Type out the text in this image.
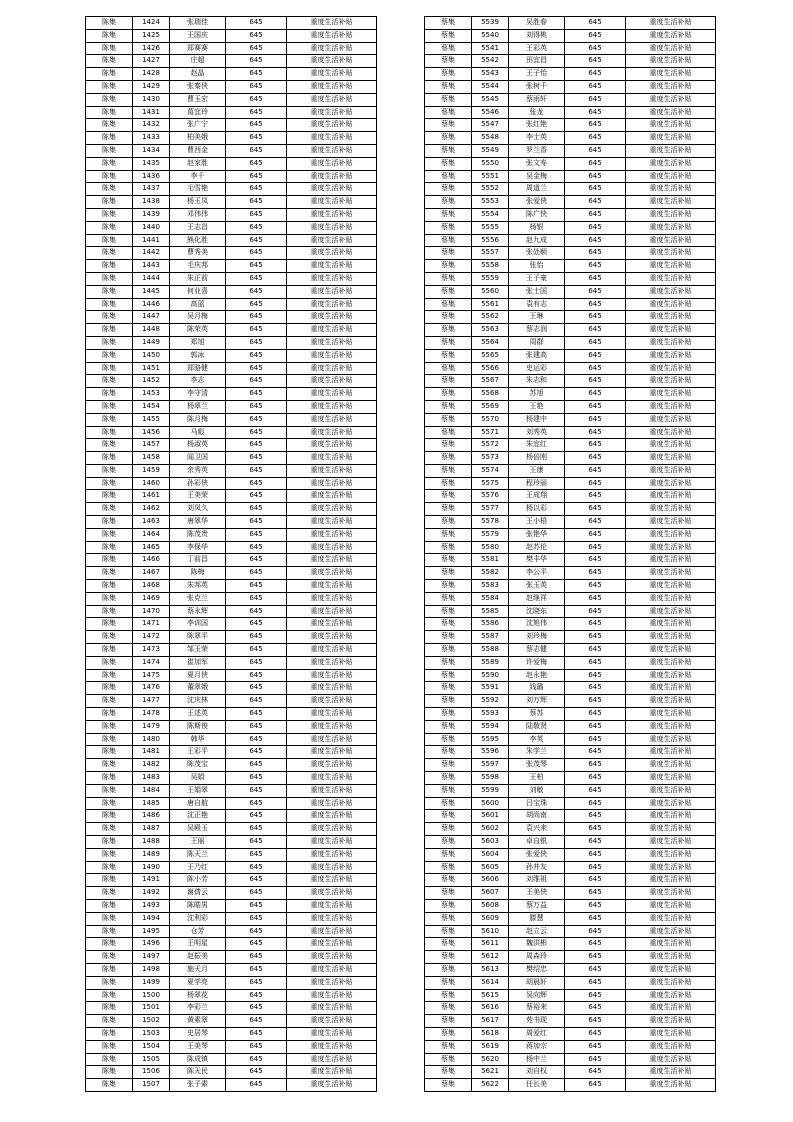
陈集	1424	张瑞佳	645	重度生活补贴
陈集	1425	王国庆	645	重度生活补贴
陈集	1426	郑赛赛	645	重度生活补贴
陈集	1427	庄超	645	重度生活补贴
陈集	1428	赵晶	645	重度生活补贴
陈集	1429	张秦侠	645	重度生活补贴
陈集	1430	曹玉宏	645	重度生活补贴
陈集	1431	葛宜玲	645	重度生活补贴
陈集	1432	张广宁	645	重度生活补贴
陈集	1433	柏美娥	645	重度生活补贴
陈集	1434	曹西金	645	重度生活补贴
陈集	1435	赵家胜	645	重度生活补贴
陈集	1436	李千	645	重度生活补贴
陈集	1437	毛雪艳	645	重度生活补贴
陈集	1438	杨玉凤	645	重度生活补贴
陈集	1439	邓伟伟	645	重度生活补贴
陈集	1440	王志昌	645	重度生活补贴
陈集	1441	熊化胜	645	重度生活补贴
陈集	1442	曹秀美	645	重度生活补贴
陈集	1443	毛庆邦	645	重度生活补贴
陈集	1444	朱正前	645	重度生活补贴
陈集	1445	何业喜	645	重度生活补贴
陈集	1446	高蓝	645	重度生活补贴
陈集	1447	吴月梅	645	重度生活补贴
陈集	1448	陈荣英	645	重度生活补贴
陈集	1449	郑旭	645	重度生活补贴
陈集	1450	郭冰	645	重度生活补贴
陈集	1451	郑骆健	645	重度生活补贴
陈集	1452	李志	645	重度生活补贴
陈集	1453	李守清	645	重度生活补贴
陈集	1454	杨翠兰	645	重度生活补贴
陈集	1455	陈月梅	645	重度生活补贴
陈集	1456	马彪	645	重度生活补贴
陈集	1457	杨淑英	645	重度生活补贴
陈集	1458	闻卫国	645	重度生活补贴
陈集	1459	余秀英	645	重度生活补贴
陈集	1460	孙彩侠	645	重度生活补贴
陈集	1461	王美荣	645	重度生活补贴
陈集	1462	刘凤久	645	重度生活补贴
陈集	1463	唐翠华	645	重度生活补贴
陈集	1464	陈茂贵	645	重度生活补贴
陈集	1465	李保华	645	重度生活补贴
陈集	1466	丁前昌	645	重度生活补贴
陈集	1467	陈梅	645	重度生活补贴
陈集	1468	朱邦英	645	重度生活补贴
陈集	1469	张克兰	645	重度生活补贴
陈集	1470	蔡永辉	645	重度生活补贴
陈集	1471	李训国	645	重度生活补贴
陈集	1472	陈翠平	645	重度生活补贴
陈集	1473	邹玉荣	645	重度生活补贴
陈集	1474	崔加军	645	重度生活补贴
陈集	1475	夏月侠	645	重度生活补贴
陈集	1476	董翠娥	645	重度生活补贴
陈集	1477	沈庆林	645	重度生活补贴
陈集	1478	王述英	645	重度生活补贴
陈集	1479	陈斯俊	645	重度生活补贴
陈集	1480	韩华	645	重度生活补贴
陈集	1481	王彩平	645	重度生活补贴
陈集	1482	陈茂宝	645	重度生活补贴
陈集	1483	吴娟	645	重度生活补贴
陈集	1484	王娟翠	645	重度生活补贴
陈集	1485	唐自航	645	重度生活补贴
陈集	1486	沈正艳	645	重度生活补贴
陈集	1487	吴殿玉	645	重度生活补贴
陈集	1488	王丽	645	重度生活补贴
陈集	1489	陈天兰	645	重度生活补贴
陈集	1490	王乃红	645	重度生活补贴
陈集	1491	陈小芳	645	重度生活补贴
陈集	1492	谢倩云	645	重度生活补贴
陈集	1493	陈皓男	645	重度生活补贴
陈集	1494	沈利彩	645	重度生活补贴
陈集	1495	仓芳	645	重度生活补贴
陈集	1496	王明星	645	重度生活补贴
陈集	1497	赵振美	645	重度生活补贴
陈集	1498	施天月	645	重度生活补贴
陈集	1499	夏学亮	645	重度生活补贴
陈集	1500	杨翠花	645	重度生活补贴
陈集	1501	李彩兰	645	重度生活补贴
陈集	1502	黄素翠	645	重度生活补贴
陈集	1503	史居琴	645	重度生活补贴
陈集	1504	王美琴	645	重度生活补贴
陈集	1505	陈成镇	645	重度生活补贴
陈集	1506	陈天民	645	重度生活补贴
陈集	1507	张子素	645	重度生活补贴
蔡集	5539	吴胜春	645	重度生活补贴
蔡集	5540	刘得桃	645	重度生活补贴
蔡集	5541	王彩英	645	重度生活补贴
蔡集	5542	田宜昌	645	重度生活补贴
蔡集	5543	王子怡	645	重度生活补贴
蔡集	5544	张树千	645	重度生活补贴
蔡集	5545	蔡雨轩	645	重度生活补贴
蔡集	5546	张龙	645	重度生活补贴
蔡集	5547	张红艳	645	重度生活补贴
蔡集	5548	李士英	645	重度生活补贴
蔡集	5549	罗兰香	645	重度生活补贴
蔡集	5550	张文寿	645	重度生活补贴
蔡集	5551	吴金梅	645	重度生活补贴
蔡集	5552	周道兰	645	重度生活补贴
蔡集	5553	张爱侠	645	重度生活补贴
蔡集	5554	陈广侠	645	重度生活补贴
蔡集	5555	杨银	645	重度生活补贴
蔡集	5556	赵九成	645	重度生活补贴
蔡集	5557	张处顺	645	重度生活补贴
蔡集	5558	张怡	645	重度生活补贴
蔡集	5559	王子豪	645	重度生活补贴
蔡集	5560	张士国	645	重度生活补贴
蔡集	5561	袁有志	645	重度生活补贴
蔡集	5562	王琳	645	重度生活补贴
蔡集	5563	蔡志润	645	重度生活补贴
蔡集	5564	周群	645	重度生活补贴
蔡集	5565	张建高	645	重度生活补贴
蔡集	5566	史运彩	645	重度生活补贴
蔡集	5567	朱志和	645	重度生活补贴
蔡集	5568	苏旭	645	重度生活补贴
蔡集	5569	王艳	645	重度生活补贴
蔡集	5570	杨建中	645	重度生活补贴
蔡集	5571	刘秀英	645	重度生活补贴
蔡集	5572	朱宜红	645	重度生活补贴
蔡集	5573	杨倍刚	645	重度生活补贴
蔡集	5574	王康	645	重度生活补贴
蔡集	5575	程玲丽	645	重度生活补贴
蔡集	5576	王成翔	645	重度生活补贴
蔡集	5577	杨以彩	645	重度生活补贴
蔡集	5578	王小梧	645	重度生活补贴
蔡集	5579	张艳华	645	重度生活补贴
蔡集	5580	赵苏伦	645	重度生活补贴
蔡集	5581	樊丰华	645	重度生活补贴
蔡集	5582	李公平	645	重度生活补贴
蔡集	5583	张玉英	645	重度生活补贴
蔡集	5584	赵继祥	645	重度生活补贴
蔡集	5585	沈晓东	645	重度生活补贴
蔡集	5586	沈旭伟	645	重度生活补贴
蔡集	5587	刘玲梅	645	重度生活补贴
蔡集	5588	蔡志健	645	重度生活补贴
蔡集	5589	许爱梅	645	重度生活补贴
蔡集	5590	赵永艳	645	重度生活补贴
蔡集	5591	钱璐	645	重度生活补贴
蔡集	5592	刘万辉	645	重度生活补贴
蔡集	5593	蔡苏	645	重度生活补贴
蔡集	5594	陆敬贤	645	重度生活补贴
蔡集	5595	李英	645	重度生活补贴
蔡集	5596	朱学兰	645	重度生活补贴
蔡集	5597	张茂琴	645	重度生活补贴
蔡集	5598	王柏	645	重度生活补贴
蔡集	5599	刘敏	645	重度生活补贴
蔡集	5600	吕宝珠	645	重度生活补贴
蔡集	5601	胡尚南	645	重度生活补贴
蔡集	5602	袁兴来	645	重度生活补贴
蔡集	5603	卓自银	645	重度生活补贴
蔡集	5604	张爱侠	645	重度生活补贴
蔡集	5605	孙井友	645	重度生活补贴
蔡集	5606	刘维祖	645	重度生活补贴
蔡集	5607	王美侠	645	重度生活补贴
蔡集	5608	蔡万益	645	重度生活补贴
蔡集	5609	滕慧	645	重度生活补贴
蔡集	5610	赵立云	645	重度生活补贴
蔡集	5611	魏洪彬	645	重度生活补贴
蔡集	5612	周森玲	645	重度生活补贴
蔡集	5613	樊绍忠	645	重度生活补贴
蔡集	5614	胡晨轩	645	重度生活补贴
蔡集	5615	吴向辉	645	重度生活补贴
蔡集	5616	蔡裕来	645	重度生活补贴
蔡集	5617	苑书现	645	重度生活补贴
蔡集	5618	周爱红	645	重度生活补贴
蔡集	5619	蒋加宗	645	重度生活补贴
蔡集	5620	杨中兰	645	重度生活补贴
蔡集	5621	刘自权	645	重度生活补贴
蔡集	5622	任长美	645	重度生活补贴
